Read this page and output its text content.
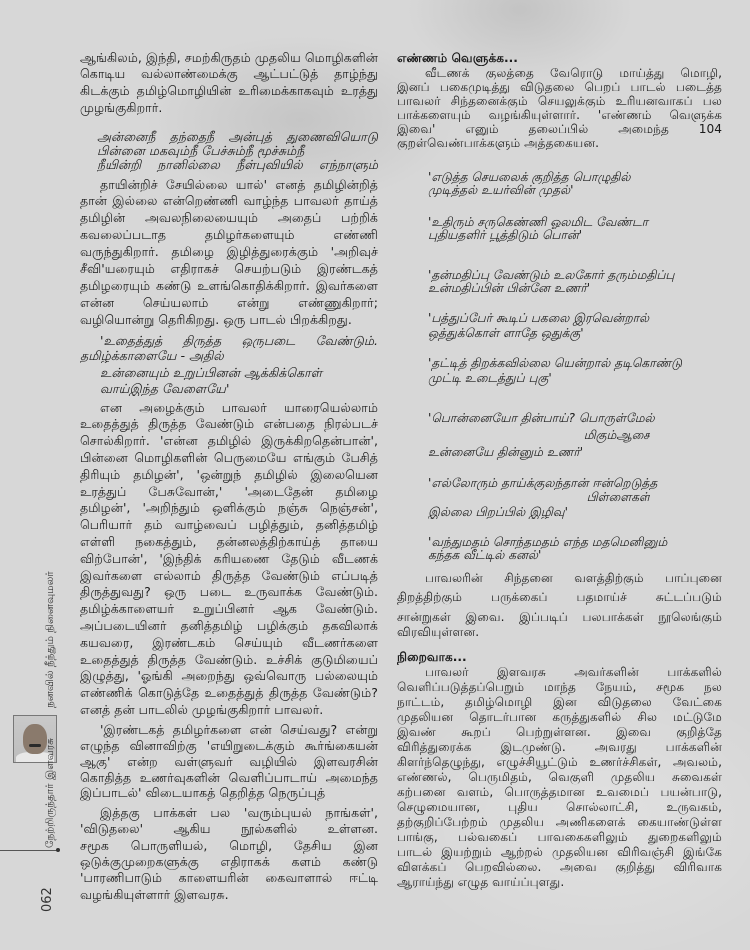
நனவில் நீந்தும் நினைவுமலர்
நேற்றிருந்தார் இளவரசு
062
ஆங்கிலம், இந்தி, சமற்கிருதம் முதலிய மொழிகளின்
கொடிய வல்லாண்மைக்கு ஆட்பட்டுத் தாழ்ந்து
கிடக்கும் தமிழ்மொழியின் உரிமைக்காகவும் உரத்து
முழங்குகிறார்.
அன்னைநீ தந்தைநீ அன்புத் துணைவியொடு
பின்னை மகவும்நீ பேச்சும்நீ மூச்சும்நீ
நீயின்றி நானில்லை நீள்புவியில் எந்நாளும்
தாயின்றிச் சேயில்லை யால்' எனத் தமிழின்றித்
தான் இல்லை என்றெண்ணி வாழ்ந்த பாவலர் தாய்த்
தமிழின் அவலநிலையையும் அதைப் பற்றிக்
கவலைப்படாத தமிழர்களையும் எண்ணி
வருந்துகிறார். தமிழை இழித்துரைக்கும் 'அறிவுச்
சீவி'யரையும் எதிராகச் செயற்படும் இரண்டகத்
தமிழரையும் கண்டு உளங்கொதிக்கிறார். இவர்களை
என்ன செய்யலாம் என்று எண்ணுகிறார்;
வழியொன்று தெரிகிறது. ஒரு பாடல் பிறக்கிறது.
'உதைத்துத் திருத்த ஒருபடை வேண்டும்.
தமிழ்க்காளையே - அதில்
உன்னையும் உறுப்பினன் ஆக்கிக்கொள்
வாய்இந்த வேளையே'
என அழைக்கும் பாவலர் யாரையெல்லாம்
உதைத்துத் திருத்த வேண்டும் என்பதை நிரல்படச்
சொல்கிறார். 'என்ன தமிழில் இருக்கிறதென்பான்',
பின்னை மொழிகளின் பெருமையே எங்கும் பேசித்
திரியும் தமிழன்', 'ஒன்றுந் தமிழில் இலையென
உரத்துப் பேசுவோன்,' 'அடைதேன் தமிழை
தமிழன்', 'அறிந்தும் ஒளிக்கும் நஞ்சு நெஞ்சன்',
பெரியார் தம் வாழ்வைப் பழித்தும், தனித்தமிழ்
எள்ளி நகைத்தும், தன்னலத்திற்காய்த் தாயை
விற்போன்', 'இந்திக் கரியணை தேடும் வீடணக்
இவர்களை எல்லாம் திருத்த வேண்டும் எப்படித்
திருத்துவது? ஒரு படை உருவாக்க வேண்டும்.
தமிழ்க்காளையர் உறுப்பினர் ஆக வேண்டும்.
அப்படையினர் தனித்தமிழ் பழிக்கும் தகவிலாக்
கயவரை, இரண்டகம் செய்யும் வீடணர்களை
உதைத்துத் திருத்த வேண்டும். உச்சிக் குடுமியைப்
இழுத்து, 'ஓங்கி அறைந்து ஒவ்வொரு பல்லையும்
எண்ணிக் கொடுத்தே உதைத்துத் திருத்த வேண்டும்?
எனத் தன் பாடலில் முழங்குகிறார் பாவலர்.
'இரண்டகத் தமிழர்களை என் செய்வது? என்று
எழுந்த வினாவிற்கு 'எயிறுடைக்கும் கூர்ங்கையன்
ஆகு' என்ற வள்ளுவர் வழியில் இளவரசின்
கொதித்த உணர்வுகளின் வெளிப்பாடாய் அமைந்த
இப்பாடல்' விடையாகத் தெறித்த நெருப்புத்
இத்தகு பாக்கள் பல 'வரும்புயல் நாங்கள்',
'விடுதலை' ஆகிய நூல்களில் உள்ளன.
சமூக பொருளியல், மொழி, தேசிய இன
ஒடுக்குமுறைகளுக்கு எதிராகக் களம் கண்டு
'பாரணிபாடும் காளையரின் கைவாளால் ஈட்டி
வழங்கியுள்ளார் இளவரசு.
எண்ணம் வெளுக்க...
வீடணக் குலத்தை வேரொடு மாய்த்து மொழி,
இனப் பகைமுடித்து விடுதலை பெறப் பாடல் படைத்த
பாவலர் சிந்தனைக்கும் செயலுக்கும் உரியனவாகப் பல
பாக்களையும் வழங்கியுள்ளார். 'எண்ணம் வெளுக்க
இவை' எனும் தலைப்பில் அமைந்த 104
குறள்வெண்பாக்களும் அத்தகையன.
'எடுத்த செயலைக் குறித்த பொழுதில்
முடித்தல் உயர்வின் முதல்'
'உதிரும் சருகெண்ணி ஓலமிட வேண்டா
புதியதளிர் பூத்திடும் பொன்'
'தன்மதிப்பு வேண்டும் உலகோர் தரும்மதிப்பு
உன்மதிப்பின் பின்னே உணர்'
'பத்துப்பேர் கூடிப் பகலை இரவென்றால்
ஒத்துக்கொள் ளாதே ஒதுக்கு'
'தட்டித் திறக்கவில்லை யென்றால் தடிகொண்டு
முட்டி உடைத்துப் புகு'
'பொன்னையோ தின்பாய்? பொருள்மேல்
மிகும்ஆசை
உன்னையே தின்னும் உணர்'
'எல்லோரும் தாய்க்குலந்தான் ஈன்றெடுத்த
பிள்ளைகள்
இல்லை பிறப்பில் இழிவு'
'வந்துமதம் சொந்தமதம் எந்த மதமெனினும்
கந்தக வீட்டில் கனல்'
பாவலரின் சிந்தனை வளத்திற்கும் பாப்புனை
திறத்திற்கும் பருக்கைப் பதமாய்ச் சுட்டப்படும்
சான்றுகள் இவை. இப்படிப் பலபாக்கள் நூலெங்கும்
விரவியுள்ளன.
நிறைவாக...
பாவலர் இளவரசு அவர்களின் பாக்களில்
வெளிப்படுத்தப்பெறும் மாந்த நேயம், சமூக நல
நாட்டம், தமிழ்மொழி இன விடுதலை வேட்கை
முதலியன தொடர்பான கருத்துகளில் சில மட்டுமே
இவண் கூறப் பெற்றுள்ளன. இவை குறித்தே
விரித்துரைக்க இடமுண்டு. அவரது பாக்களின்
கிளர்ந்தெழுந்து, எழுச்சியூட்டும் உணர்ச்சிகள், அவலம்,
எண்ணல், பெருமிதம், வெகுளி முதலிய சுவைகள்
கற்பனை வளம், பொருத்தமான உவமைப் பயன்பாடு,
செழுமையான, புதிய சொல்லாட்சி, உருவகம்,
தற்குறிப்பேற்றம் முதலிய அணிகளைக் கையாண்டுள்ள
பாங்கு, பல்வகைப் பாவகைகளிலும் துறைகளிலும்
பாடல் இயற்றும் ஆற்றல் முதலியன விரிவஞ்சி இங்கே
விளக்கப் பெறவில்லை. அவை குறித்து விரிவாக
ஆராய்ந்து எழுத வாய்ப்புளது.
